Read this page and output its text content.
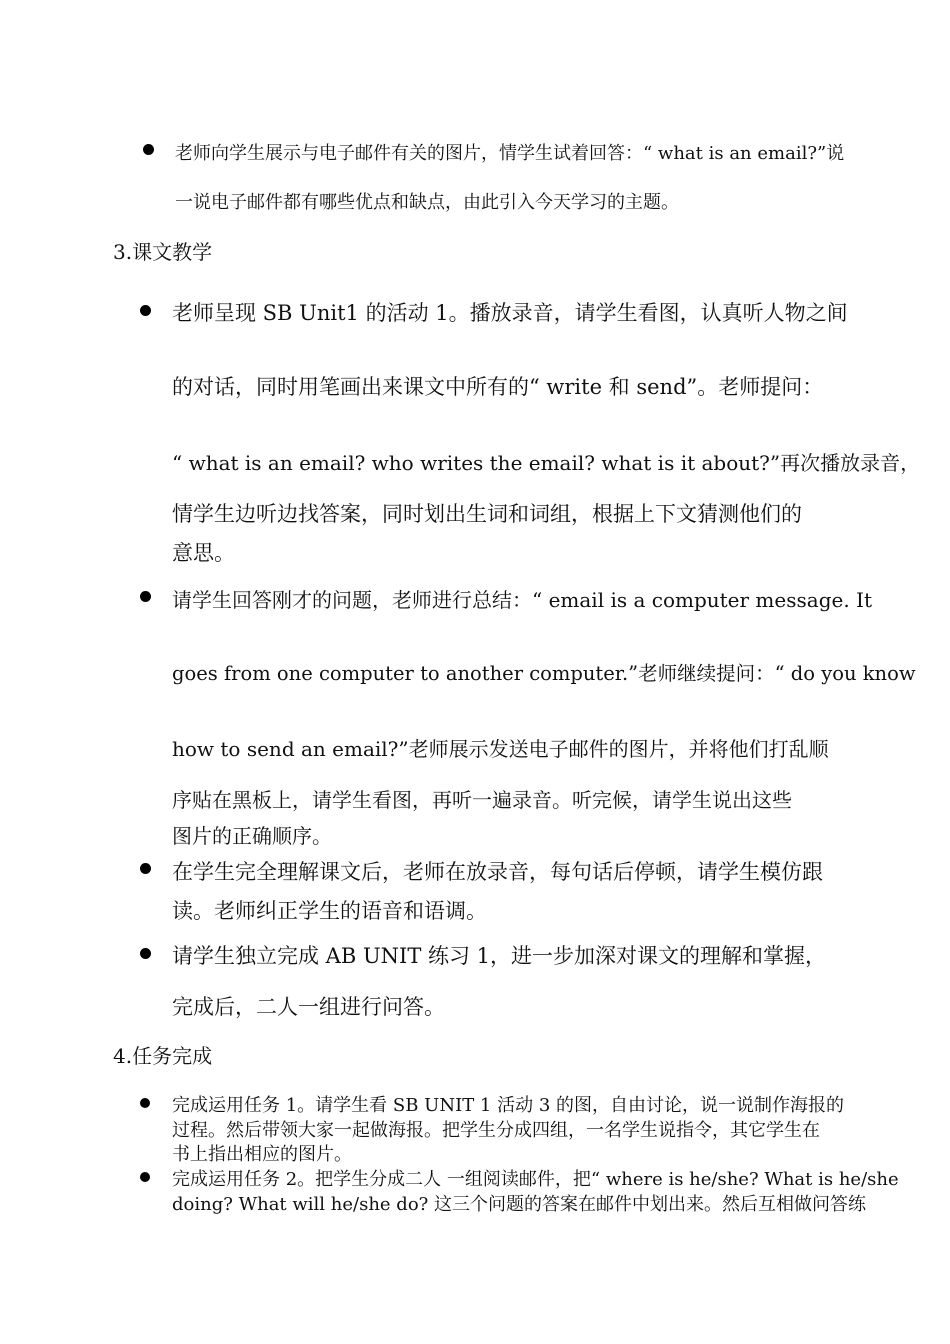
老师向学生展示与电子邮件有关的图片，情学生试着回答：“ what is an email?”说
一说电子邮件都有哪些优点和缺点，由此引入今天学习的主题。
3.课文教学
老师呈现 SB Unit1 的活动 1。播放录音，请学生看图，认真听人物之间
的对话，同时用笔画出来课文中所有的“ write 和 send”。老师提问：
“ what is an email? who writes the email? what is it about?”再次播放录音，
情学生边听边找答案，同时划出生词和词组，根据上下文猜测他们的
意思。
请学生回答刚才的问题，老师进行总结：“ email is a computer message. It
goes from one computer to another computer.”老师继续提问：“ do you know
how to send an email?”老师展示发送电子邮件的图片，并将他们打乱顺
序贴在黑板上，请学生看图，再听一遍录音。听完候，请学生说出这些
图片的正确顺序。
在学生完全理解课文后，老师在放录音，每句话后停顿，请学生模仿跟
读。老师纠正学生的语音和语调。
请学生独立完成 AB UNIT 练习 1，进一步加深对课文的理解和掌握，
完成后，二人一组进行问答。
4.任务完成
完成运用任务 1。请学生看 SB UNIT 1 活动 3 的图，自由讨论，说一说制作海报的
过程。然后带领大家一起做海报。把学生分成四组，一名学生说指令，其它学生在
书上指出相应的图片。
完成运用任务 2。把学生分成二人 一组阅读邮件，把“ where is he/she? What is he/she
doing? What will he/she do? 这三个问题的答案在邮件中划出来。然后互相做问答练
